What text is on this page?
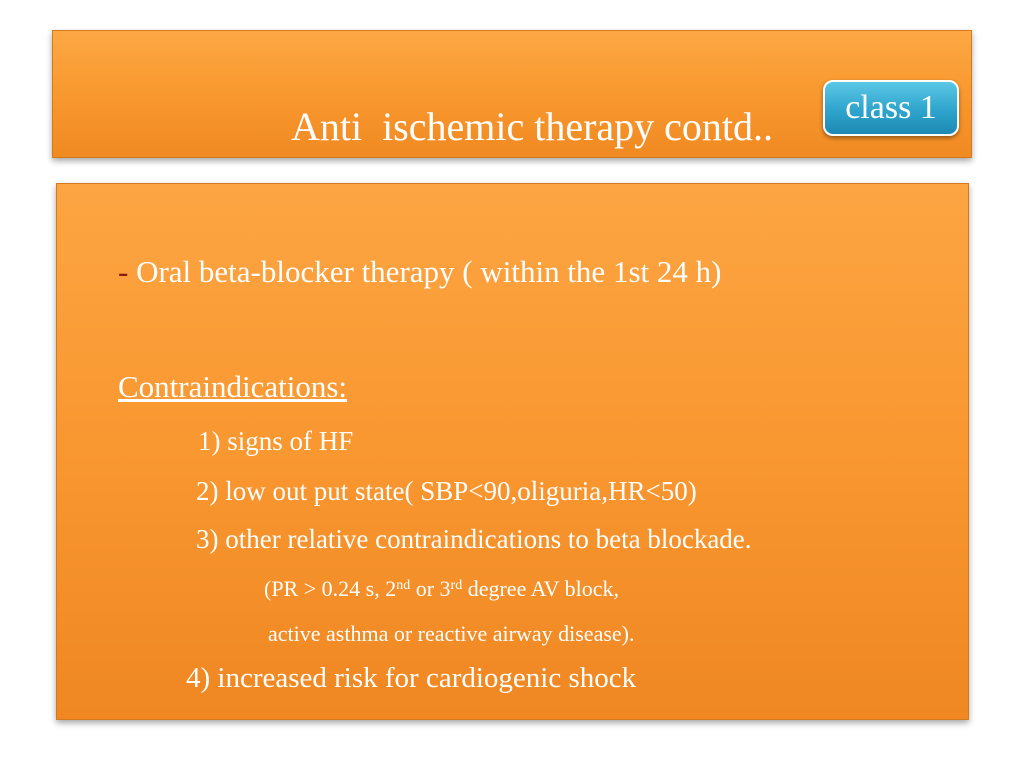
Anti  ischemic therapy contd..	class 1
- Oral beta-blocker therapy ( within the 1st 24 h)
Contraindications:
1) signs of HF
2) low out put state( SBP<90,oliguria,HR<50)
3) other relative contraindications to beta blockade.
(PR > 0.24 s, 2nd or 3rd degree AV block,
active asthma or reactive airway disease).
4) increased risk for cardiogenic shock
